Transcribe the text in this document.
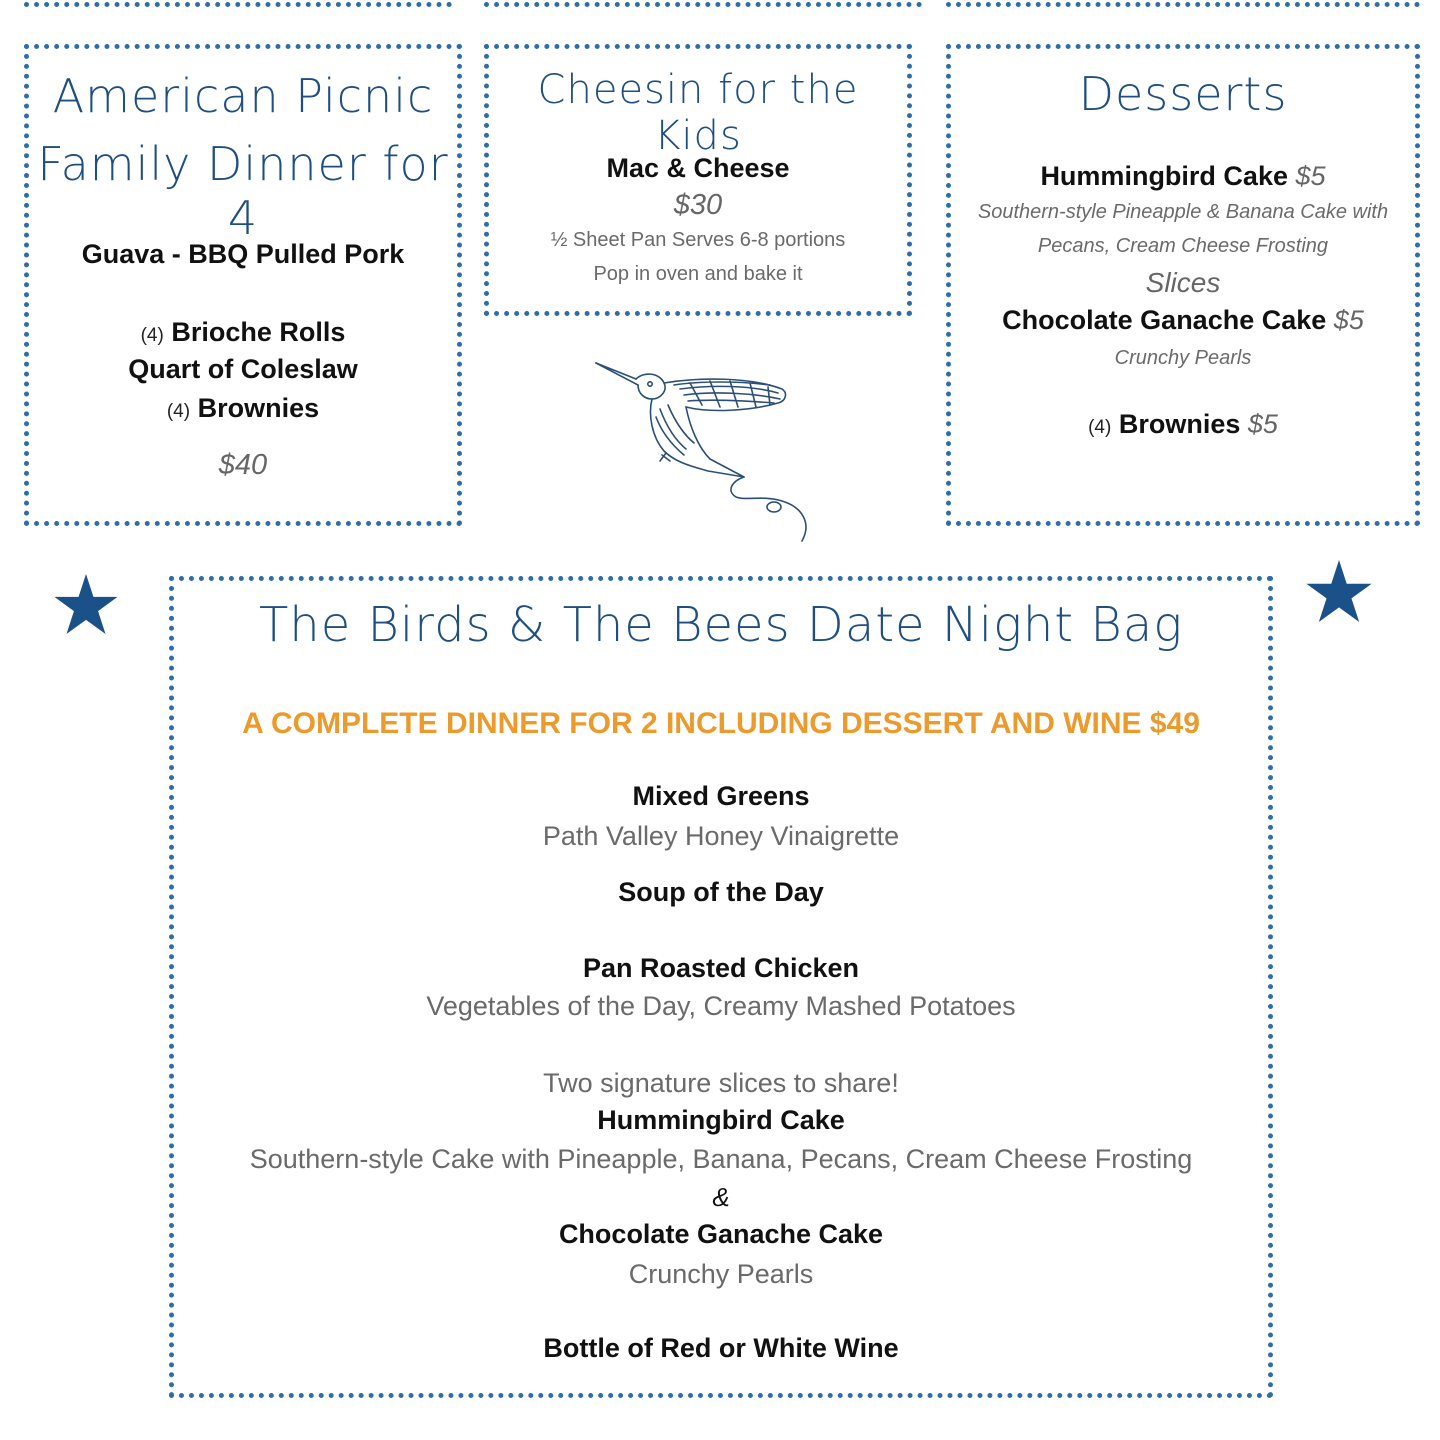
American Picnic
Family Dinner for 4
Guava - BBQ Pulled Pork
(4) Brioche Rolls
Quart of Coleslaw
(4) Brownies
$40
Cheesin for the Kids
Mac & Cheese
$30
½ Sheet Pan Serves 6-8 portions
Pop in oven and bake it
Desserts
Hummingbird Cake $5
Southern-style Pineapple & Banana Cake with
Pecans, Cream Cheese Frosting
Slices
Chocolate Ganache Cake $5
Crunchy Pearls
(4) Brownies $5
The Birds & The Bees Date Night Bag
A COMPLETE DINNER FOR 2 INCLUDING DESSERT AND WINE $49
Mixed Greens
Path Valley Honey Vinaigrette
Soup of the Day
Pan Roasted Chicken
Vegetables of the Day, Creamy Mashed Potatoes
Two signature slices to share!
Hummingbird Cake
Southern-style Cake with Pineapple, Banana, Pecans, Cream Cheese Frosting
&
Chocolate Ganache Cake
Crunchy Pearls
Bottle of Red or White Wine
